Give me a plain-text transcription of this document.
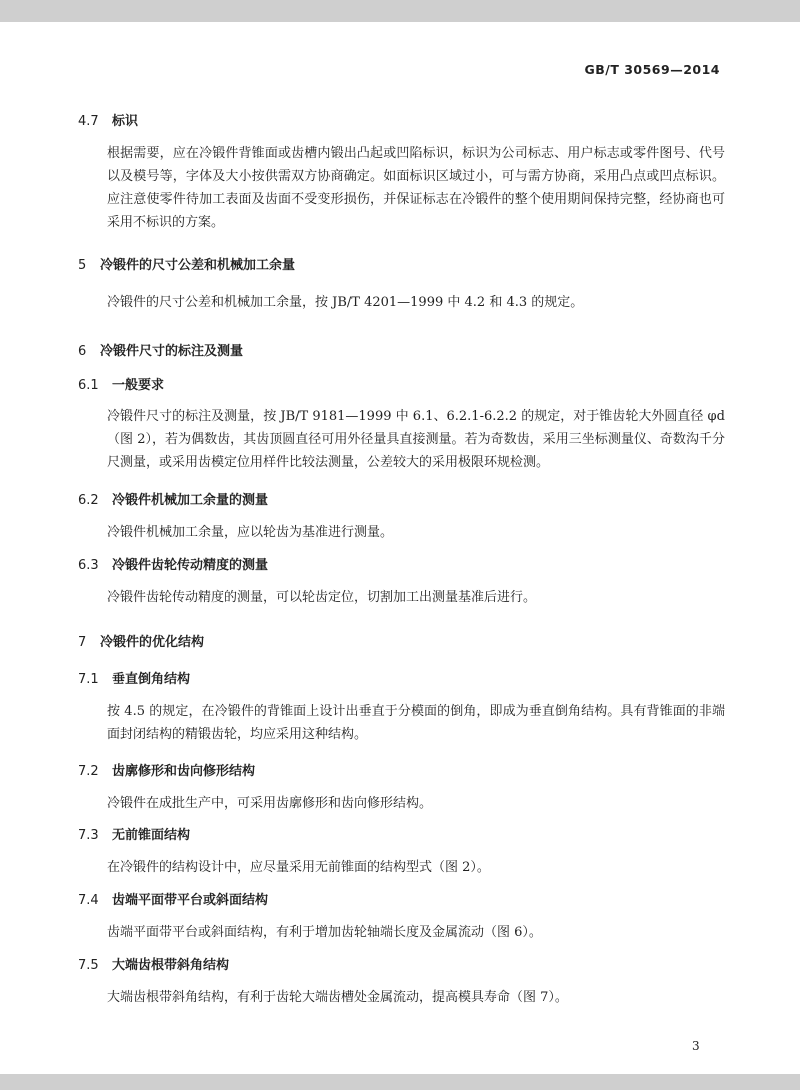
GB/T 30569—2014
4.7 标识
根据需要，应在冷锻件背锥面或齿槽内锻出凸起或凹陷标识，标识为公司标志、用户标志或零件图号、代号以及模号等，字体及大小按供需双方协商确定。如面标识区域过小，可与需方协商，采用凸点或凹点标识。应注意使零件待加工表面及齿面不受变形损伤，并保证标志在冷锻件的整个使用期间保持完整，经协商也可采用不标识的方案。
5 冷锻件的尺寸公差和机械加工余量
冷锻件的尺寸公差和机械加工余量，按 JB/T 4201—1999 中 4.2 和 4.3 的规定。
6 冷锻件尺寸的标注及测量
6.1 一般要求
冷锻件尺寸的标注及测量，按 JB/T 9181—1999 中 6.1、6.2.1-6.2.2 的规定，对于锥齿轮大外圆直径 φd（图 2），若为偶数齿，其齿顶圆直径可用外径量具直接测量。若为奇数齿，采用三坐标测量仪、奇数沟千分尺测量，或采用齿模定位用样件比较法测量，公差较大的采用极限环规检测。
6.2 冷锻件机械加工余量的测量
冷锻件机械加工余量，应以轮齿为基准进行测量。
6.3 冷锻件齿轮传动精度的测量
冷锻件齿轮传动精度的测量，可以轮齿定位，切割加工出测量基准后进行。
7 冷锻件的优化结构
7.1 垂直倒角结构
按 4.5 的规定，在冷锻件的背锥面上设计出垂直于分模面的倒角，即成为垂直倒角结构。具有背锥面的非端面封闭结构的精锻齿轮，均应采用这种结构。
7.2 齿廓修形和齿向修形结构
冷锻件在成批生产中，可采用齿廓修形和齿向修形结构。
7.3 无前锥面结构
在冷锻件的结构设计中，应尽量采用无前锥面的结构型式（图 2）。
7.4 齿端平面带平台或斜面结构
齿端平面带平台或斜面结构，有利于增加齿轮轴端长度及金属流动（图 6）。
7.5 大端齿根带斜角结构
大端齿根带斜角结构，有利于齿轮大端齿槽处金属流动，提高模具寿命（图 7）。
3
